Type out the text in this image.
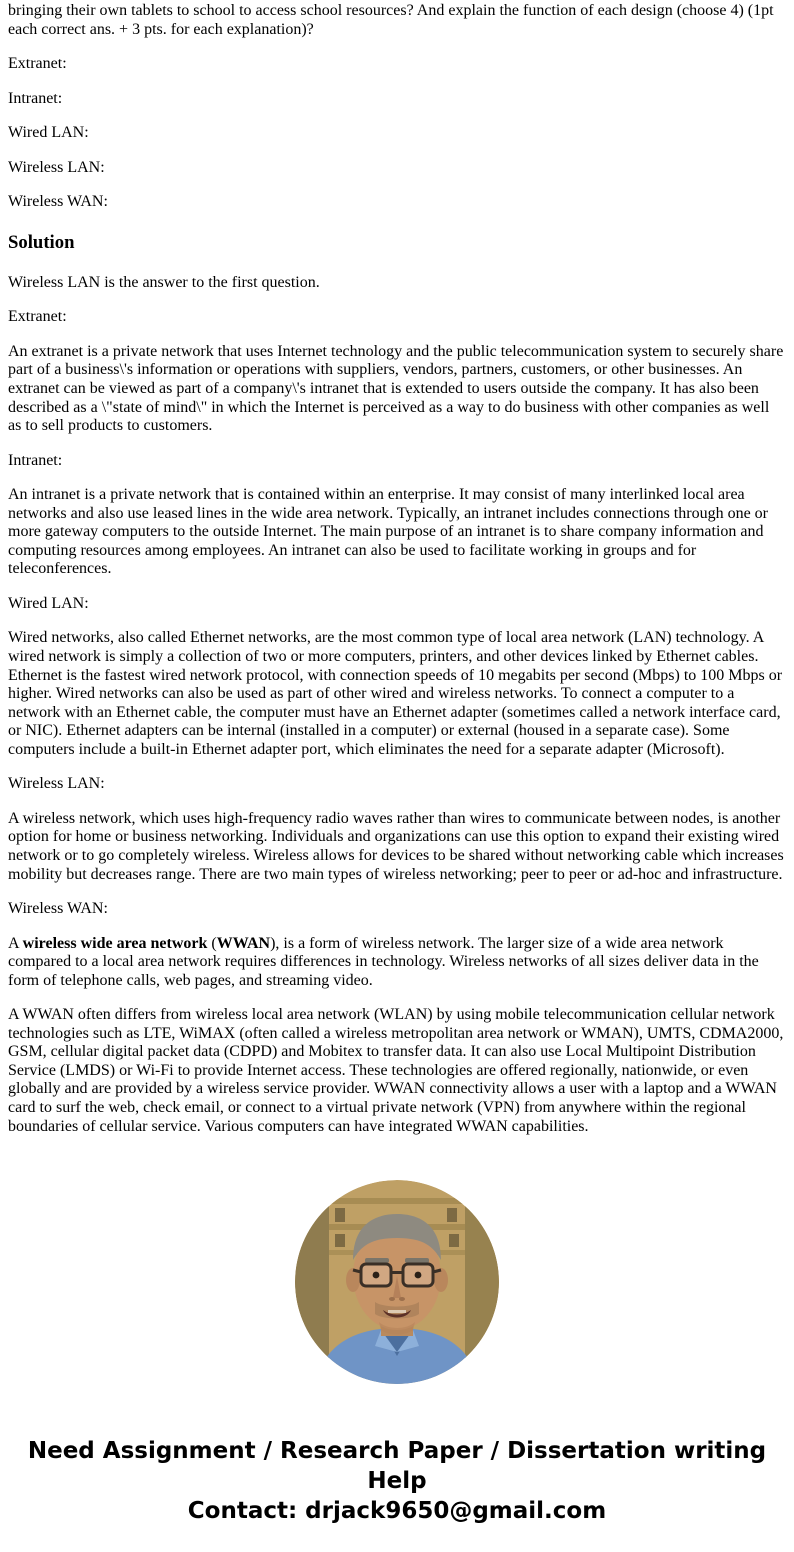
bringing their own tablets to school to access school resources? And explain the function of each design (choose 4) (1pt each correct ans. + 3 pts. for each explanation)?

Extranet:

Intranet:

Wired LAN:

Wireless LAN:

Wireless WAN:

Solution

Wireless LAN is the answer to the first question.

Extranet:

An extranet is a private network that uses Internet technology and the public telecommunication system to securely share part of a business\'s information or operations with suppliers, vendors, partners, customers, or other businesses. An extranet can be viewed as part of a company\'s intranet that is extended to users outside the company. It has also been described as a \"state of mind\" in which the Internet is perceived as a way to do business with other companies as well as to sell products to customers.

Intranet:

An intranet is a private network that is contained within an enterprise. It may consist of many interlinked local area networks and also use leased lines in the wide area network. Typically, an intranet includes connections through one or more gateway computers to the outside Internet. The main purpose of an intranet is to share company information and computing resources among employees. An intranet can also be used to facilitate working in groups and for teleconferences.

Wired LAN:

Wired networks, also called Ethernet networks, are the most common type of local area network (LAN) technology. A wired network is simply a collection of two or more computers, printers, and other devices linked by Ethernet cables. Ethernet is the fastest wired network protocol, with connection speeds of 10 megabits per second (Mbps) to 100 Mbps or higher. Wired networks can also be used as part of other wired and wireless networks. To connect a computer to a network with an Ethernet cable, the computer must have an Ethernet adapter (sometimes called a network interface card, or NIC). Ethernet adapters can be internal (installed in a computer) or external (housed in a separate case). Some computers include a built-in Ethernet adapter port, which eliminates the need for a separate adapter (Microsoft).

Wireless LAN:

A wireless network, which uses high-frequency radio waves rather than wires to communicate between nodes, is another option for home or business networking. Individuals and organizations can use this option to expand their existing wired network or to go completely wireless. Wireless allows for devices to be shared without networking cable which increases mobility but decreases range. There are two main types of wireless networking; peer to peer or ad-hoc and infrastructure.

Wireless WAN:

A wireless wide area network (WWAN), is a form of wireless network. The larger size of a wide area network compared to a local area network requires differences in technology. Wireless networks of all sizes deliver data in the form of telephone calls, web pages, and streaming video.

A WWAN often differs from wireless local area network (WLAN) by using mobile telecommunication cellular network technologies such as LTE, WiMAX (often called a wireless metropolitan area network or WMAN), UMTS, CDMA2000, GSM, cellular digital packet data (CDPD) and Mobitex to transfer data. It can also use Local Multipoint Distribution Service (LMDS) or Wi-Fi to provide Internet access. These technologies are offered regionally, nationwide, or even globally and are provided by a wireless service provider. WWAN connectivity allows a user with a laptop and a WWAN card to surf the web, check email, or connect to a virtual private network (VPN) from anywhere within the regional boundaries of cellular service. Various computers can have integrated WWAN capabilities.

Need Assignment / Research Paper / Dissertation writing Help
Contact: drjack9650@gmail.com
